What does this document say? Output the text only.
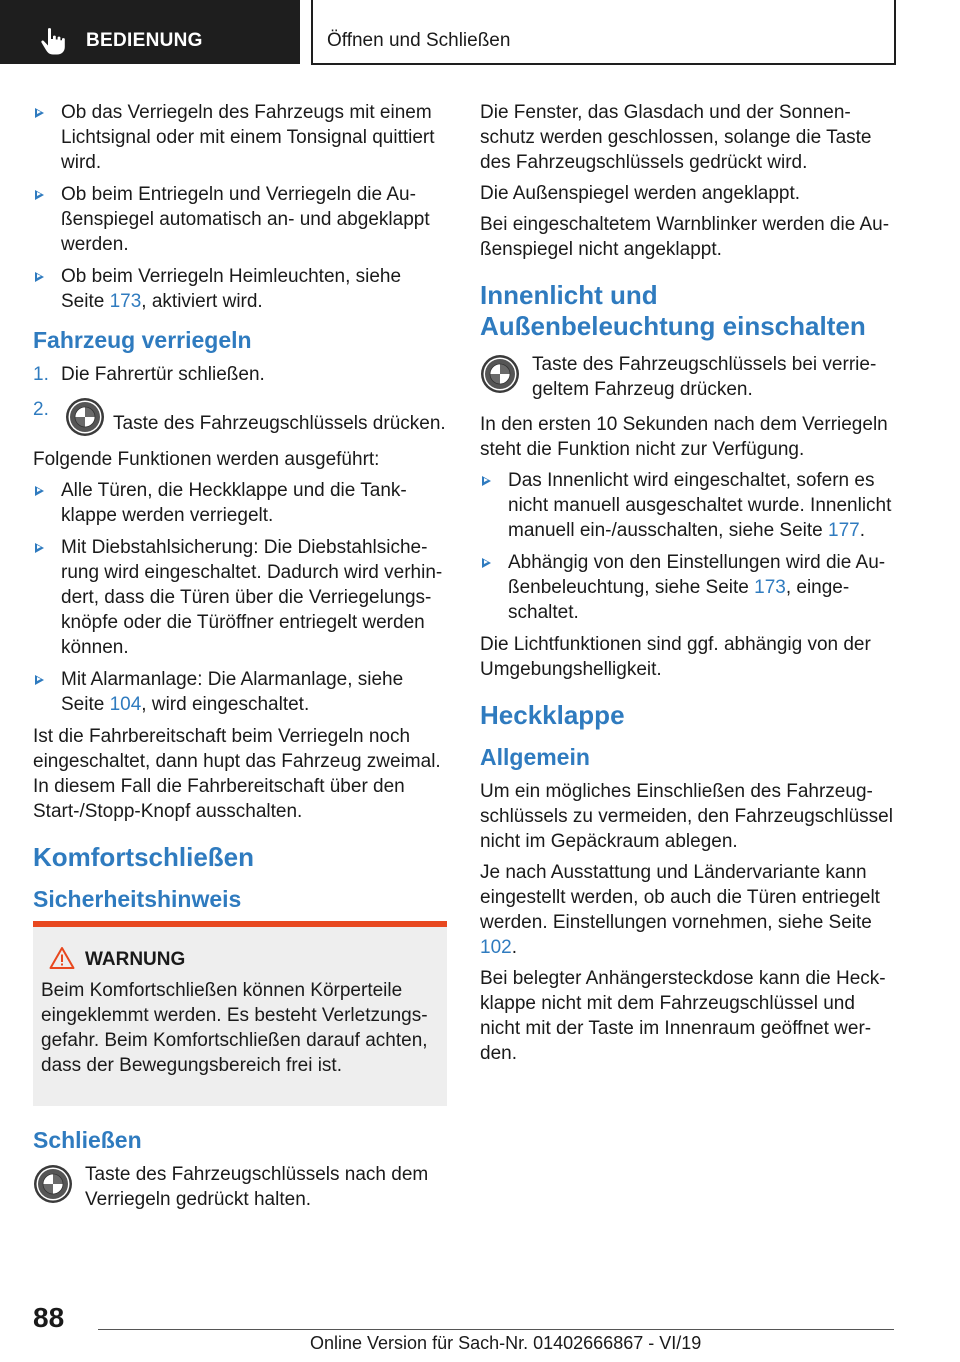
BEDIENUNG	Öffnen und Schließen
Ob das Verriegeln des Fahrzeugs mit einem Lichtsignal oder mit einem Tonsignal quittiert wird.
Ob beim Entriegeln und Verriegeln die Außenspiegel automatisch an- und abgeklappt werden.
Ob beim Verriegeln Heimleuchten, siehe Seite 173, aktiviert wird.
Fahrzeug verriegeln
1. Die Fahrertür schließen.
2.
Taste des Fahrzeugschlüssels drücken.

Folgende Funktionen werden ausgeführt:

Alle Türen, die Heckklappe und die Tankklappe werden verriegelt.
Mit Diebstahlsicherung: Die Diebstahlsicherung wird eingeschaltet. Dadurch wird verhindert, dass die Türen über die Verriegelungsknöpfe oder die Türöffner entriegelt werden können.
Mit Alarmanlage: Die Alarmanlage, siehe Seite 104, wird eingeschaltet.

Ist die Fahrbereitschaft beim Verriegeln noch eingeschaltet, dann hupt das Fahrzeug zweimal. In diesem Fall die Fahrbereitschaft über den Start-/Stopp-Knopf ausschalten.

Komfortschließen
Sicherheitshinweis
WARNUNG

Beim Komfortschließen können Körperteile eingeklemmt werden. Es besteht Verletzungsgefahr. Beim Komfortschließen darauf achten, dass der Bewegungsbereich frei ist.

Schließen

Taste des Fahrzeugschlüssels nach dem Verriegeln gedrückt halten.

Die Fenster, das Glasdach und der Sonnenschutz werden geschlossen, solange die Taste des Fahrzeugschlüssels gedrückt wird.

Die Außenspiegel werden angeklappt.

Bei eingeschaltetem Warnblinker werden die Außenspiegel nicht angeklappt.

Innenlicht und
Außenbeleuchtung einschalten

Taste des Fahrzeugschlüssels bei verriegeltem Fahrzeug drücken.

In den ersten 10 Sekunden nach dem Verriegeln steht die Funktion nicht zur Verfügung.

Das Innenlicht wird eingeschaltet, sofern es nicht manuell ausgeschaltet wurde. Innenlicht manuell ein-/ausschalten, siehe Seite 177.
Abhängig von den Einstellungen wird die Außenbeleuchtung, siehe Seite 173, eingeschaltet.

Die Lichtfunktionen sind ggf. abhängig von der Umgebungshelligkeit.

Heckklappe
Allgemein

Um ein mögliches Einschließen des Fahrzeugschlüssels zu vermeiden, den Fahrzeugschlüssel nicht im Gepäckraum ablegen.

Je nach Ausstattung und Ländervariante kann eingestellt werden, ob auch die Türen entriegelt werden. Einstellungen vornehmen, siehe Seite 102.

Bei belegter Anhängersteckdose kann die Heckklappe nicht mit dem Fahrzeugschlüssel und nicht mit der Taste im Innenraum geöffnet werden.

88
Online Version für Sach-Nr. 01402666867 - VI/19
